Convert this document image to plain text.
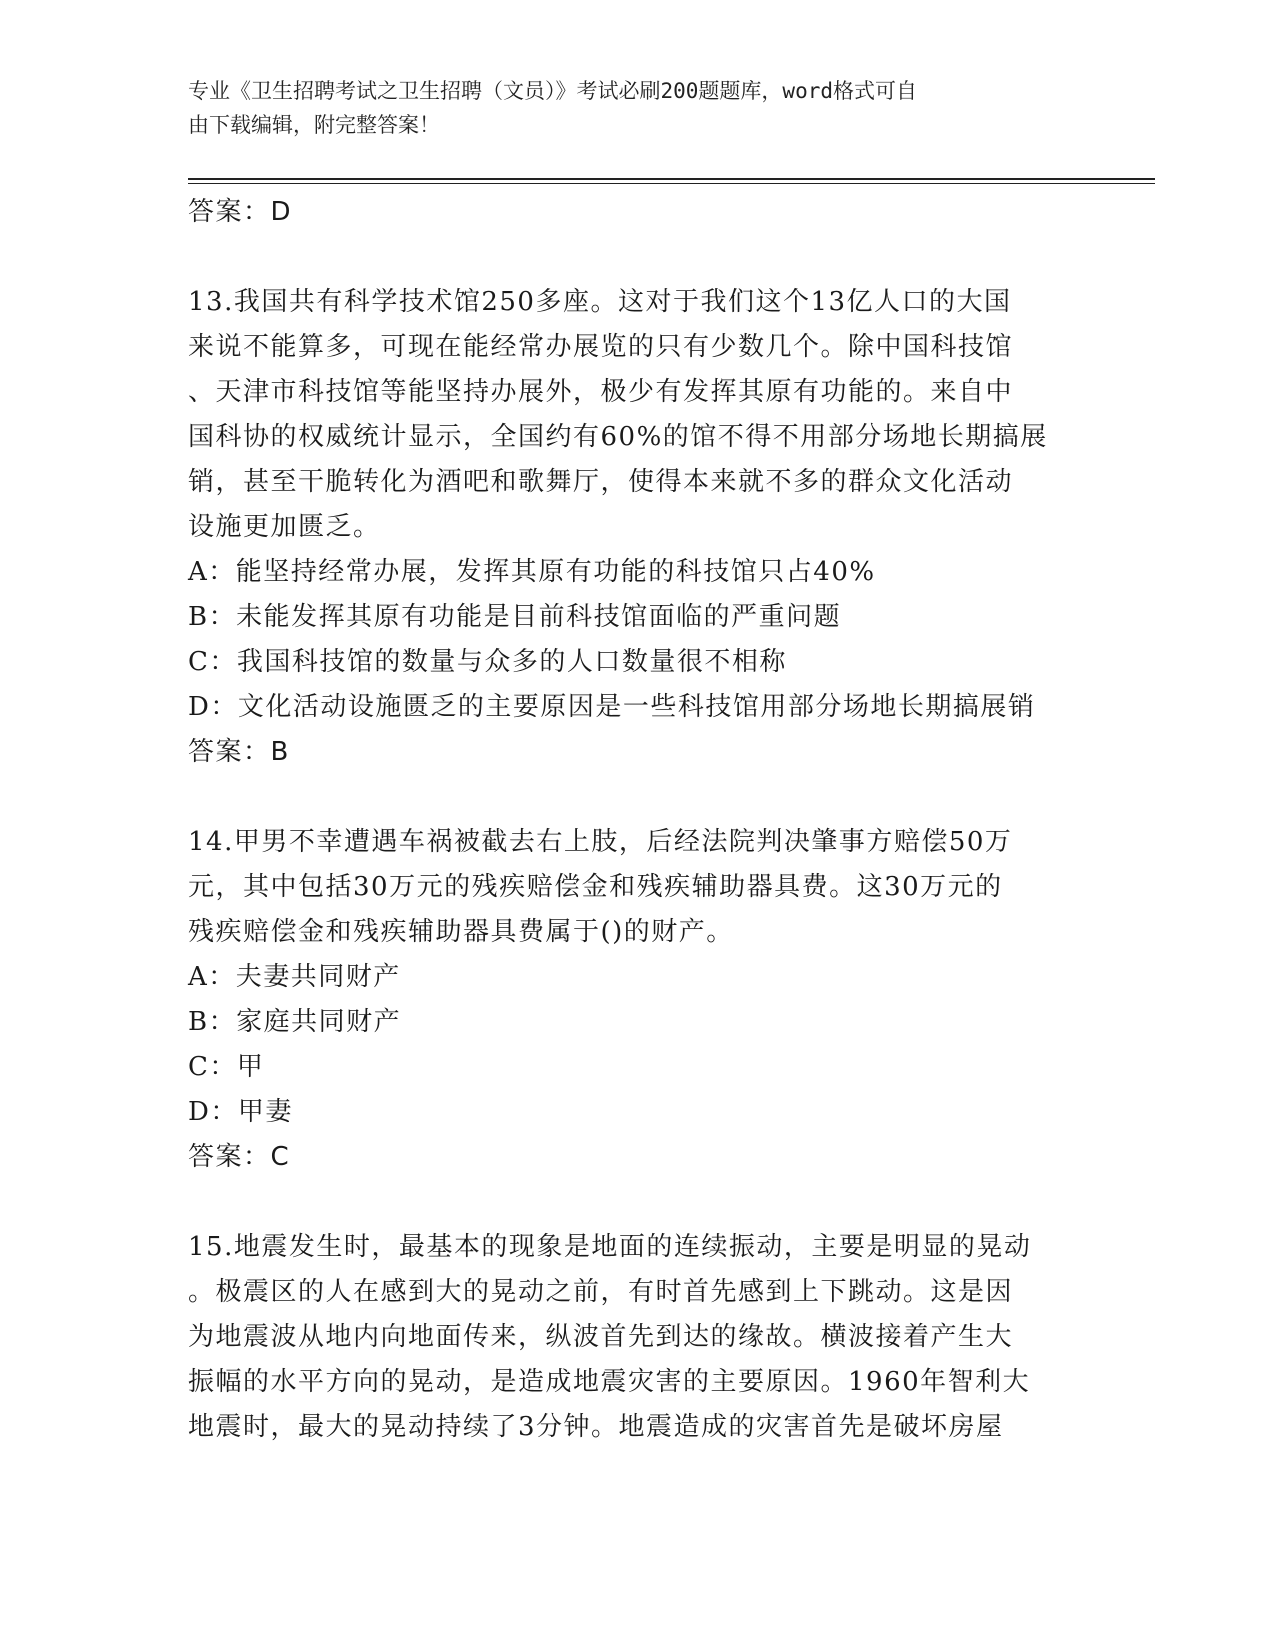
专业《卫生招聘考试之卫生招聘（文员）》考试必刷200题题库，word格式可自
由下载编辑，附完整答案！
答案：D
13.我国共有科学技术馆250多座。这对于我们这个13亿人口的大国
来说不能算多，可现在能经常办展览的只有少数几个。除中国科技馆
、天津市科技馆等能坚持办展外，极少有发挥其原有功能的。来自中
国科协的权威统计显示，全国约有60%的馆不得不用部分场地长期搞展
销，甚至干脆转化为酒吧和歌舞厅，使得本来就不多的群众文化活动
设施更加匮乏。
A：能坚持经常办展，发挥其原有功能的科技馆只占40%
B：未能发挥其原有功能是目前科技馆面临的严重问题
C：我国科技馆的数量与众多的人口数量很不相称
D：文化活动设施匮乏的主要原因是一些科技馆用部分场地长期搞展销
答案：B
14.甲男不幸遭遇车祸被截去右上肢，后经法院判决肇事方赔偿50万
元，其中包括30万元的残疾赔偿金和残疾辅助器具费。这30万元的
残疾赔偿金和残疾辅助器具费属于()的财产。
A：夫妻共同财产
B：家庭共同财产
C：甲
D：甲妻
答案：C
15.地震发生时，最基本的现象是地面的连续振动，主要是明显的晃动
。极震区的人在感到大的晃动之前，有时首先感到上下跳动。这是因
为地震波从地内向地面传来，纵波首先到达的缘故。横波接着产生大
振幅的水平方向的晃动，是造成地震灾害的主要原因。1960年智利大
地震时，最大的晃动持续了3分钟。地震造成的灾害首先是破坏房屋
